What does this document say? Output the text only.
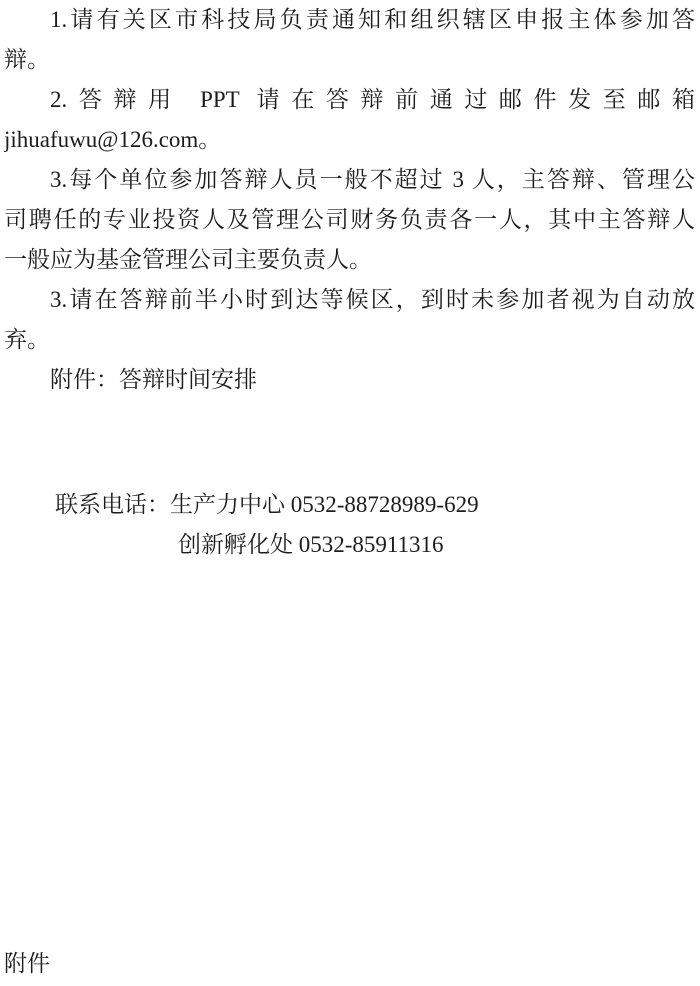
1.请有关区市科技局负责通知和组织辖区申报主体参加答
辩。
2.答辩用 PPT 请在答辩前通过邮件发至邮箱
jihuafuwu@126.com。
3.每个单位参加答辩人员一般不超过 3 人，主答辩、管理公
司聘任的专业投资人及管理公司财务负责各一人，其中主答辩人
一般应为基金管理公司主要负责人。
3.请在答辩前半小时到达等候区，到时未参加者视为自动放
弃。
附件：答辩时间安排
联系电话：生产力中心 0532-88728989-629
创新孵化处 0532-85911316
附件
